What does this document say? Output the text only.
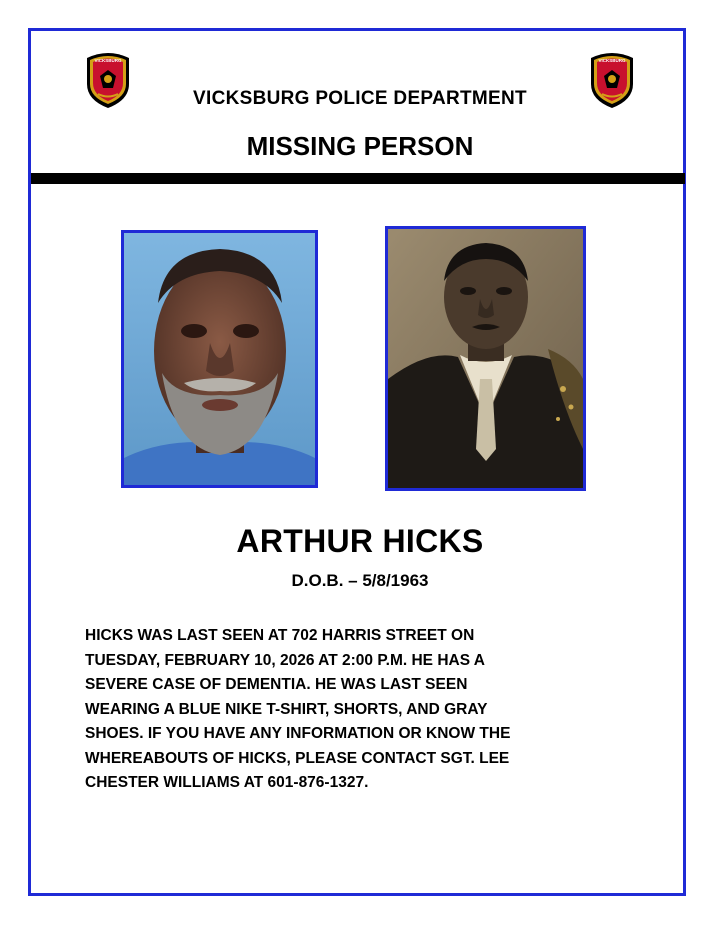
VICKSBURG	VICKSBURG
VICKSBURG POLICE DEPARTMENT
MISSING PERSON
ARTHUR HICKS
D.O.B. – 5/8/1963

HICKS WAS LAST SEEN AT 702 HARRIS STREET ON
TUESDAY, FEBRUARY 10, 2026 AT 2:00 P.M. HE HAS A
SEVERE CASE OF DEMENTIA. HE WAS LAST SEEN
WEARING A BLUE NIKE T-SHIRT, SHORTS, AND GRAY
SHOES. IF YOU HAVE ANY INFORMATION OR KNOW THE
WHEREABOUTS OF HICKS, PLEASE CONTACT SGT. LEE
CHESTER WILLIAMS AT 601-876-1327.
